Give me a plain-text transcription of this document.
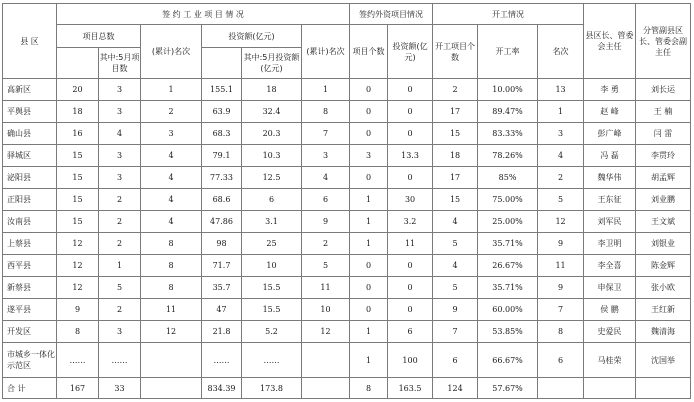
县 区	签 约 工 业 项 目 情 况						签约外资项目情况		开工情况			县区长、管委会主任	分管副县区长、管委会副主任
	项目总数		(累计)名次	投资额(亿元)		(累计)名次	项目个数	投资额(亿元)	开工项目个数	开工率	名次		
		其中:5月项目数			其中:5月投资额(亿元)								
高新区	20	3	1	155.1	18	1	0	0	2	10.00%	13	李 勇	刘长运
平舆县	18	3	2	63.9	32.4	8	0	0	17	89.47%	1	赵 峰	王 楠
确山县	16	4	3	68.3	20.3	7	0	0	15	83.33%	3	彭广峰	闫 雷
驿城区	15	3	4	79.1	10.3	3	3	13.3	18	78.26%	4	冯 磊	李贯玲
泌阳县	15	3	4	77.33	12.5	4	0	0	17	85%	2	魏华伟	胡孟辉
正阳县	15	2	4	68.6	6	6	1	30	15	75.00%	5	王东征	刘业鹏
汝南县	15	2	4	47.86	3.1	9	1	3.2	4	25.00%	12	刘军民	王文斌
上蔡县	12	2	8	98	25	2	1	11	5	35.71%	9	李卫明	刘银业
西平县	12	1	8	71.7	10	5	0	0	4	26.67%	11	李全喜	陈金辉
新蔡县	12	5	8	35.7	15.5	11	0	0	5	35.71%	9	申保卫	张小欧
遂平县	9	2	11	47	15.5	10	0	0	9	60.00%	7	侯 鹏	王红新
开发区	8	3	12	21.8	5.2	12	1	6	7	53.85%	8	史爱民	魏清海
市城乡一体化示范区	……	……		……	……		1	100	6	66.67%	6	马桂荣	沈国举
合 计	167	33		834.39	173.8		8	163.5	124	57.67%			
